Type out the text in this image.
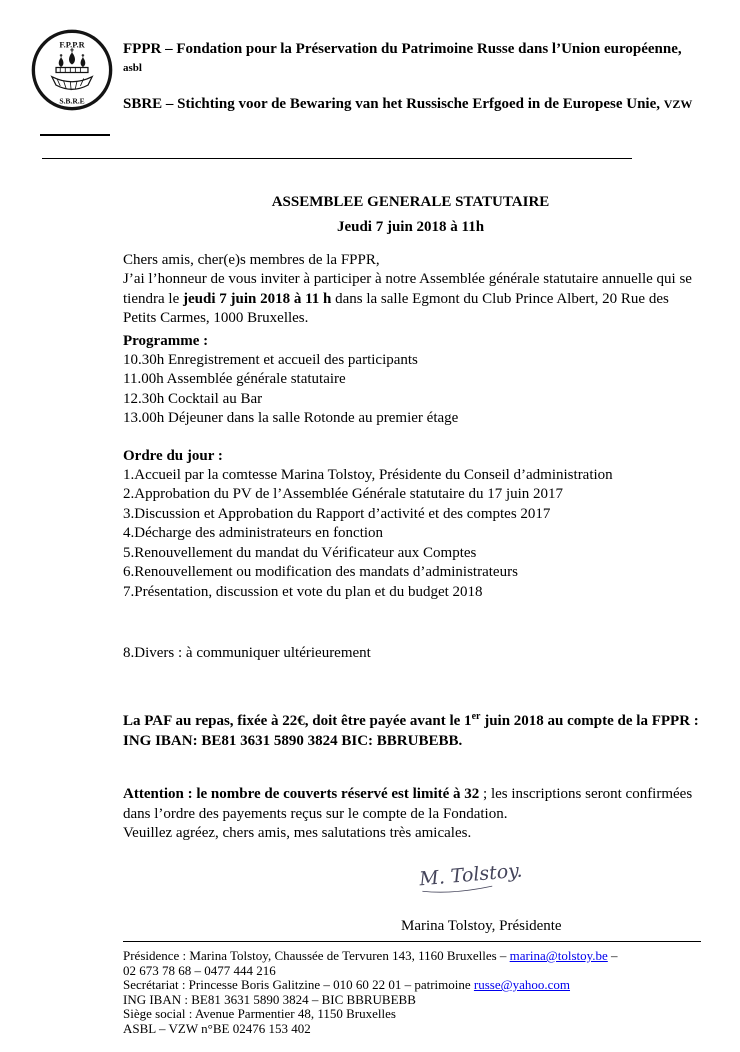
F.P.P.R
S.B.R.E
FPPR – Fondation pour la Préservation du Patrimoine Russe dans l’Union européenne,
asbl
SBRE – Stichting voor de Bewaring van het Russische Erfgoed in de Europese Unie, VZW
ASSEMBLEE GENERALE STATUTAIRE
Jeudi 7 juin 2018 à 11h

Chers amis, cher(e)s membres de la FPPR,

J’ai l’honneur de vous inviter à participer à notre Assemblée générale statutaire annuelle qui se tiendra le jeudi 7 juin 2018 à 11 h dans la salle Egmont du Club Prince Albert, 20 Rue des Petits Carmes, 1000 Bruxelles.

Programme :

10.30h Enregistrement et accueil des participants

11.00h Assemblée générale statutaire

12.30h Cocktail au Bar

13.00h Déjeuner dans la salle Rotonde au premier étage

Ordre du jour :

1.Accueil par la comtesse Marina Tolstoy, Présidente du Conseil d’administration

2.Approbation du PV de l’Assemblée Générale statutaire du 17 juin 2017

3.Discussion et Approbation du Rapport d’activité et des comptes 2017

4.Décharge des administrateurs en fonction

5.Renouvellement du mandat du Vérificateur aux Comptes

6.Renouvellement ou modification des mandats d’administrateurs

7.Présentation, discussion et vote du plan et du budget 2018

8.Divers : à communiquer ultérieurement

La PAF au repas, fixée à 22€, doit être payée avant le 1er juin 2018 au compte de la FPPR : ING IBAN: BE81 3631 5890 3824 BIC: BBRUBEBB.

Attention : le nombre de couverts réservé est limité à 32 ; les inscriptions seront confirmées dans l’ordre des payements reçus sur le compte de la Fondation.

Veuillez agréez, chers amis, mes salutations très amicales.

M. Tolstoy.

Marina Tolstoy, Présidente

Présidence : Marina Tolstoy, Chaussée de Tervuren 143, 1160 Bruxelles – marina@tolstoy.be –

02 673 78 68 – 0477 444 216

Secrétariat : Princesse Boris Galitzine – 010 60 22 01 – patrimoine russe@yahoo.com

ING IBAN : BE81 3631 5890 3824 – BIC BBRUBEBB

Siège social : Avenue Parmentier 48, 1150 Bruxelles

ASBL – VZW n°BE 02476 153 402
